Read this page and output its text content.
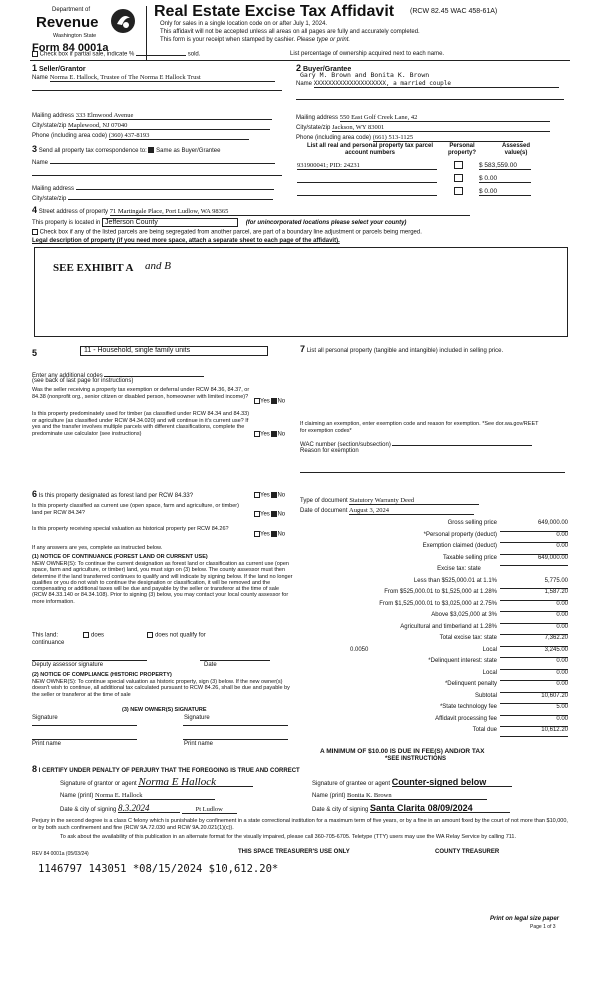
Department of
Revenue
Washington State
Form 84 0001a
Real Estate Excise Tax Affidavit (RCW 82.45 WAC 458-61A)
Only for sales in a single location code on or after July 1, 2024.
This affidavit will not be accepted unless all areas on all pages are fully and accurately completed.
This form is your receipt when stamped by cashier. Please type or print.
Check box if partial sale, indicate %	sold.	List percentage of ownership acquired next to each name.
1 Seller/Grantor
Name Norma E. Hallock, Trustee of The Norma E Hallock Trust
Mailing address 333 Elmwood Avenue
City/state/zip Maplewood, NJ 07040
Phone (including area code) (360) 437-8193
2 Buyer/Grantee
Gary M. Brown and Bonita K. Brown
Name XXXXXXXXXXXXXXXXXXXX, a married couple
Mailing address 550 East Golf Creek Lane, 42
City/state/zip Jackson, WY 83001
Phone (including area code) (661) 513-1125
3 Send all property tax correspondence to: Same as Buyer/Grantee
Name
Mailing address
City/state/zip
List all real and personal property tax parcel account numbers
Personal property?
Assessed value(s)
931900041; PID: 24231	$ 583,559.00
$ 0.00
$ 0.00
4 Street address of property 71 Martingale Place, Port Ludlow, WA 98365
This property is located in Jefferson County	(for unincorporated locations please select your county)
Check box if any of the listed parcels are being segregated from another parcel, are part of a boundary line adjustment or parcels being merged.
Legal description of property (if you need more space, attach a separate sheet to each page of the affidavit).
SEE EXHIBIT A and B
5	11 - Household, single family units
Enter any additional codes
(see back of last page for instructions)
Was the seller receiving a property tax exemption or deferral under RCW 84.36, 84.37, or 84.38 (nonprofit org., senior citizen or disabled person, homeowner with limited income)?
Yes No
Is this property predominately used for timber (as classified under RCW 84.34 and 84.33) or agriculture (as classified under RCW 84.34.020) and will continue in it's current use? If yes and the transfer involves multiple parcels with different classifications, complete the predominate use calculator (see instructions)	Yes No
6 Is this property designated as forest land per RCW 84.33?	Yes No
Is this property classified as current use (open space, farm and agriculture, or timber) land per RCW 84.34?	Yes No
Is this property receiving special valuation as historical property per RCW 84.26?
Yes No
If any answers are yes, complete as instructed below.
(1) NOTICE OF CONTINUANCE (FOREST LAND OR CURRENT USE)
NEW OWNER(S): To continue the current designation as forest land or classification as current use (open space, farm and agriculture, or timber) land, you must sign on (3) below. The county assessor must then determine if the land transferred continues to qualify and will indicate by signing below. If the land no longer qualifies or you do not wish to continue the designation or classification, it will be removed and the compensating or additional taxes will be due and payable by the seller or transferor at the time of sale (RCW 84.33.140 or 84.34.108). Prior to signing (3) below, you may contact your local county assessor for more information.
This land:	does	does not qualify for
continuance
Deputy assessor signature	Date
(2) NOTICE OF COMPLIANCE (HISTORIC PROPERTY)
NEW OWNER(S): To continue special valuation as historic property, sign (3) below. If the new owner(s) doesn't wish to continue, all additional tax calculated pursuant to RCW 84.26, shall be due and payable by the seller or transferor at the time of sale
(3) NEW OWNER(S) SIGNATURE
Signature	Signature
Print name	Print name
7 List all personal property (tangible and intangible) included in selling price.
If claiming an exemption, enter exemption code and reason for exemption. *See dor.wa.gov/REET for exemption codes*
WAC number (section/subsection)
Reason for exemption
Type of document Statutory Warranty Deed
Date of document August 3, 2024
Gross selling price	649,000.00
*Personal property (deduct)	0.00
Exemption claimed (deduct)	0.00
Taxable selling price	649,000.00
Excise tax: state
Less than $525,000.01 at 1.1%	5,775.00
From $525,000.01 to $1,525,000 at 1.28%	1,587.20
From $1,525,000.01 to $3,025,000 at 2.75%	0.00
Above $3,025,000 at 3%	0.00
Agricultural and timberland at 1.28%	0.00
Total excise tax: state	7,362.20
0.0050	Local	3,245.00
*Delinquent interest: state	0.00
Local	0.00
*Delinquent penalty	0.00
Subtotal	10,607.20
*State technology fee	5.00
Affidavit processing fee	0.00
Total due	10,612.20
A MINIMUM OF $10.00 IS DUE IN FEE(S) AND/OR TAX
*SEE INSTRUCTIONS
8 I CERTIFY UNDER PENALTY OF PERJURY THAT THE FOREGOING IS TRUE AND CORRECT
Signature of grantor or agent Norma E Hallock
Name (print) Norma E. Hallock
Date & city of signing 8.3.2024	Pt Ludlow
Signature of grantee or agent Counter-signed below
Name (print) Bonita K. Brown
Date & city of signing Santa Clarita 08/09/2024
Perjury in the second degree is a class C felony which is punishable by confinement in a state correctional institution for a maximum term of five years, or by a fine in an amount fixed by the court of not more than $10,000, or by both such confinement and fine (RCW 9A.72.030 and RCW 9A.20.021(1)(c)).
To ask about the availability of this publication in an alternate format for the visually impaired, please call 360-705-6705. Teletype (TTY) users may use the WA Relay Service by calling 711.
REV 84 0001a (05/03/24)	THIS SPACE TREASURER'S USE ONLY	COUNTY TREASURER
1146797 143051 *08/15/2024 $10,612.20*
Print on legal size paper
Page 1 of 3
